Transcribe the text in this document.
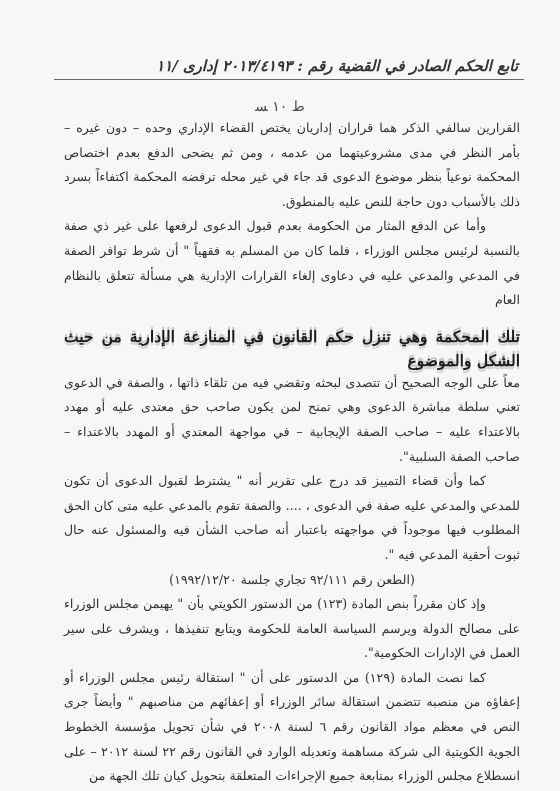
تابع الحكم الصادر في القضية رقم : ٢٠١٣/٤١٩٣ إدارى /١١
ط ١٠ ﺴ

القرارين سالفي الذكر هما قراران إداريان يختص القضاء الإداري وحده – دون غيره – بأمر النظر في مدى مشروعيتهما من عدمه ، ومن ثم يضحى الدفع بعدم اختصاص المحكمة نوعياً بنظر موضوع الدعوى قد جاء في غير محله ترفضه المحكمة اكتفاءاً بسرد ذلك بالأسباب دون حاجة للنص عليه بالمنطوق.

وأما عن الدفع المثار من الحكومة بعدم قبول الدعوى لرفعها على غير ذي صفة بالنسبة لرئيس مجلس الوزراء ، فلما كان من المسلم به فقهياً " أن شرط توافر الصفة في المدعي والمدعي عليه في دعاوى إلغاء القرارات الإدارية هي مسألة تتعلق بالنظام العام

تلك المحكمة وهي تنزل حكم القانون في المنازعة الإدارية من حيث الشكل والموضوع

معاً على الوجه الصحيح أن تتصدى لبحثه وتقضي فيه من تلقاء ذاتها ، والصفة في الدعوى تعني سلطة مباشرة الدعوى وهي تمنح لمن يكون صاحب حق معتدى عليه أو مهدد بالاعتداء عليه – صاحب الصفة الإيجابية – في مواجهة المعتدي أو المهدد بالاعتداء – صاحب الصفة السلبية".

كما وأن قضاء التمييز قد درج على تقرير أنه " يشترط لقبول الدعوى أن تكون للمدعي والمدعي عليه صفة في الدعوى ، .... والصفة تقوم بالمدعي عليه متى كان الحق المطلوب فيها موجوداً في مواجهته باعتبار أنه صاحب الشأن فيه والمسئول عنه حال ثبوت أحقية المدعي فيه ".

(الطعن رقم ٩٢/١١١ تجاري جلسة ١٩٩٢/١٢/٢٠)

وإذ كان مقرراً بنص المادة (١٢٣) من الدستور الكويتي بأن " يهيمن مجلس الوزراء على مصالح الدولة ويرسم السياسة العامة للحكومة ويتابع تنفيذها ، ويشرف على سير العمل في الإدارات الحكومية".

كما نصت المادة (١٢٩) من الدستور على أن " استقالة رئيس مجلس الوزراء أو إعفاؤه من منصبه تتضمن استقالة سائر الوزراء أو إعفائهم من مناصبهم " وأيضاً جرى النص في معظم مواد القانون رقم ٦ لسنة ٢٠٠٨ في شأن تحويل مؤسسة الخطوط الجوية الكويتية الى شركة مساهمة وتعديله الوارد في القانون رقم ٢٢ لسنة ٢٠١٢ – على انسطلاع مجلس الوزراء بمتابعة جميع الإجراءات المتعلقة بتحويل كيان تلك الجهة من
